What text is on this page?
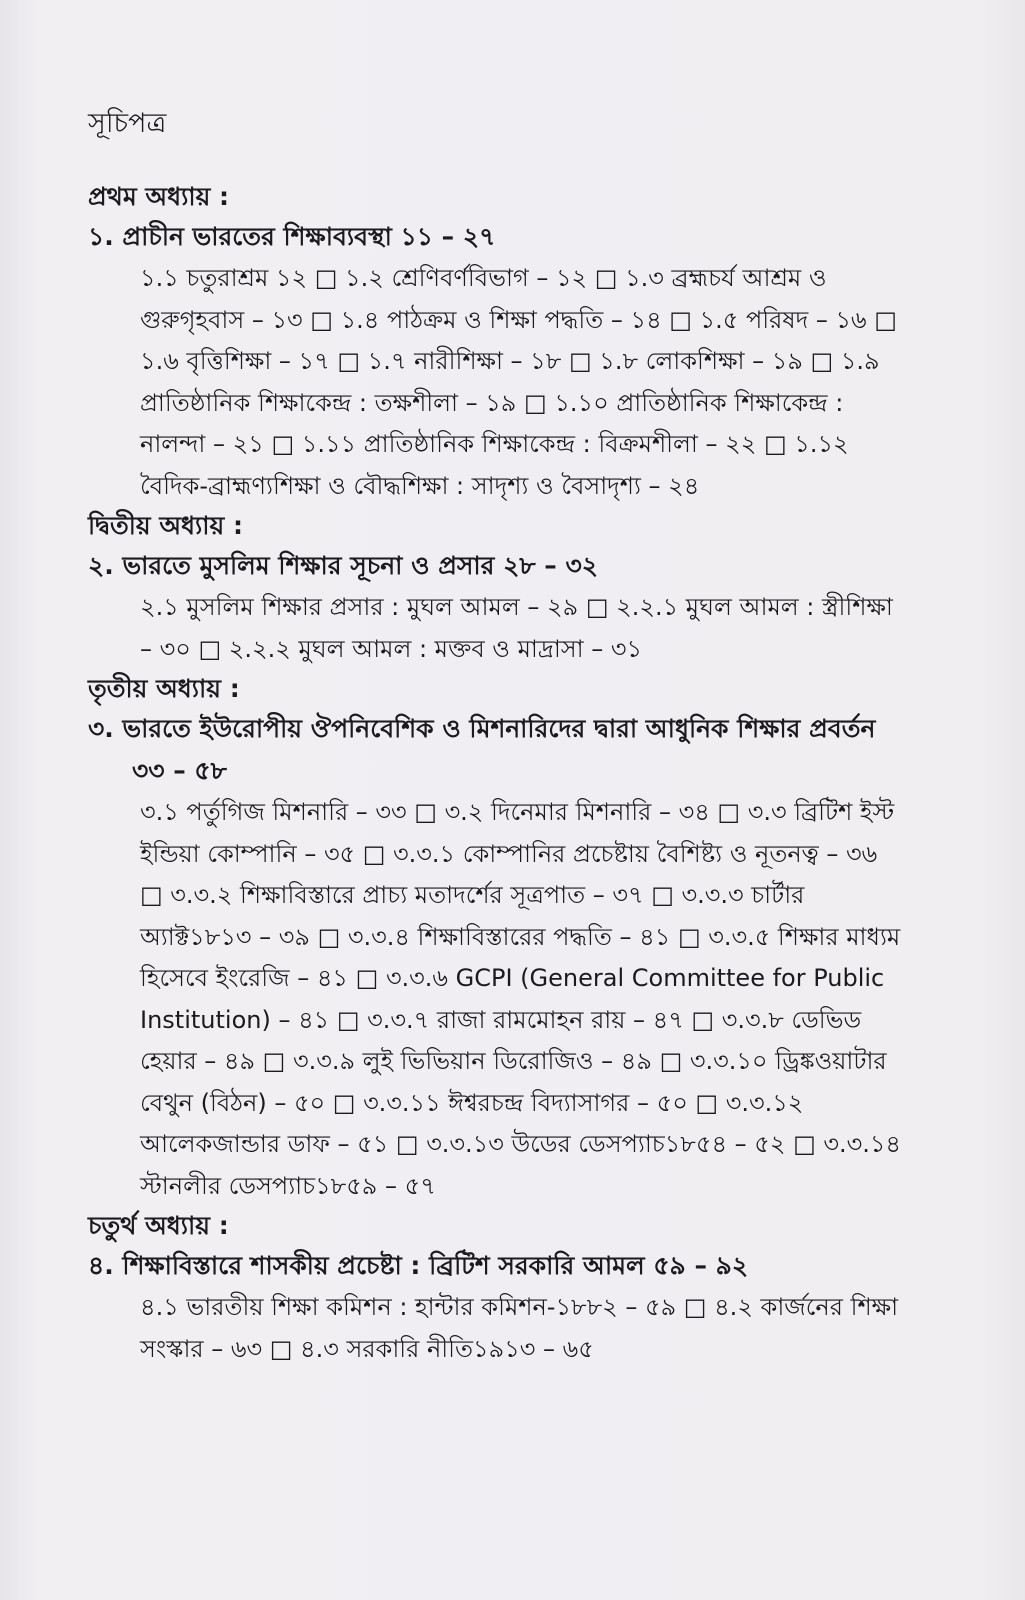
সূচিপত্র
প্রথম অধ্যায় :
১. প্রাচীন ভারতের শিক্ষাব্যবস্থা ১১ – ২৭
১.১ চতুরাশ্রম ১২ □ ১.২ শ্রেণিবর্ণবিভাগ – ১২ □ ১.৩ ব্রহ্মচর্য আশ্রম ও গুরুগৃহবাস – ১৩ □ ১.৪ পাঠক্রম ও শিক্ষা পদ্ধতি – ১৪ □ ১.৫ পরিষদ – ১৬ □ ১.৬ বৃত্তিশিক্ষা – ১৭ □ ১.৭ নারীশিক্ষা – ১৮ □ ১.৮ লোকশিক্ষা – ১৯ □ ১.৯ প্রাতিষ্ঠানিক শিক্ষাকেন্দ্র : তক্ষশীলা – ১৯ □ ১.১০ প্রাতিষ্ঠানিক শিক্ষাকেন্দ্র : নালন্দা – ২১ □ ১.১১ প্রাতিষ্ঠানিক শিক্ষাকেন্দ্র : বিক্রমশীলা – ২২ □ ১.১২ বৈদিক-ব্রাহ্মণ্যশিক্ষা ও বৌদ্ধশিক্ষা : সাদৃশ্য ও বৈসাদৃশ্য – ২৪
দ্বিতীয় অধ্যায় :
২. ভারতে মুসলিম শিক্ষার সূচনা ও প্রসার ২৮ – ৩২
২.১ মুসলিম শিক্ষার প্রসার : মুঘল আমল – ২৯ □ ২.২.১ মুঘল আমল : স্ত্রীশিক্ষা – ৩০ □ ২.২.২ মুঘল আমল : মক্তব ও মাদ্রাসা – ৩১
তৃতীয় অধ্যায় :
৩. ভারতে ইউরোপীয় ঔপনিবেশিক ও মিশনারিদের দ্বারা আধুনিক শিক্ষার প্রবর্তন ৩৩ – ৫৮
৩.১ পর্তুগিজ মিশনারি – ৩৩ □ ৩.২ দিনেমার মিশনারি – ৩৪ □ ৩.৩ ব্রিটিশ ইস্ট ইন্ডিয়া কোম্পানি – ৩৫ □ ৩.৩.১ কোম্পানির প্রচেষ্টায় বৈশিষ্ট্য ও নূতনত্ব – ৩৬ □ ৩.৩.২ শিক্ষাবিস্তারে প্রাচ্য মতাদর্শের সূত্রপাত – ৩৭ □ ৩.৩.৩ চার্টার অ্যাক্ট১৮১৩ – ৩৯ □ ৩.৩.৪ শিক্ষাবিস্তারের পদ্ধতি – ৪১ □ ৩.৩.৫ শিক্ষার মাধ্যম হিসেবে ইংরেজি – ৪১ □ ৩.৩.৬ GCPI (General Committee for Public Institution) – ৪১ □ ৩.৩.৭ রাজা রামমোহন রায় – ৪৭ □ ৩.৩.৮ ডেভিড হেয়ার – ৪৯ □ ৩.৩.৯ লুই ভিভিয়ান ডিরোজিও – ৪৯ □ ৩.৩.১০ ড্রিঙ্কওয়াটার বেথুন (বিঠন) – ৫০ □ ৩.৩.১১ ঈশ্বরচন্দ্র বিদ্যাসাগর – ৫০ □ ৩.৩.১২ আলেকজান্ডার ডাফ – ৫১ □ ৩.৩.১৩ উডের ডেসপ্যাচ১৮৫৪ – ৫২ □ ৩.৩.১৪ স্টানলীর ডেসপ্যাচ১৮৫৯ – ৫৭
চতুর্থ অধ্যায় :
৪. শিক্ষাবিস্তারে শাসকীয় প্রচেষ্টা : ব্রিটিশ সরকারি আমল ৫৯ – ৯২
৪.১ ভারতীয় শিক্ষা কমিশন : হান্টার কমিশন-১৮৮২ – ৫৯ □ ৪.২ কার্জনের শিক্ষা সংস্কার – ৬৩ □ ৪.৩ সরকারি নীতি১৯১৩ – ৬৫
